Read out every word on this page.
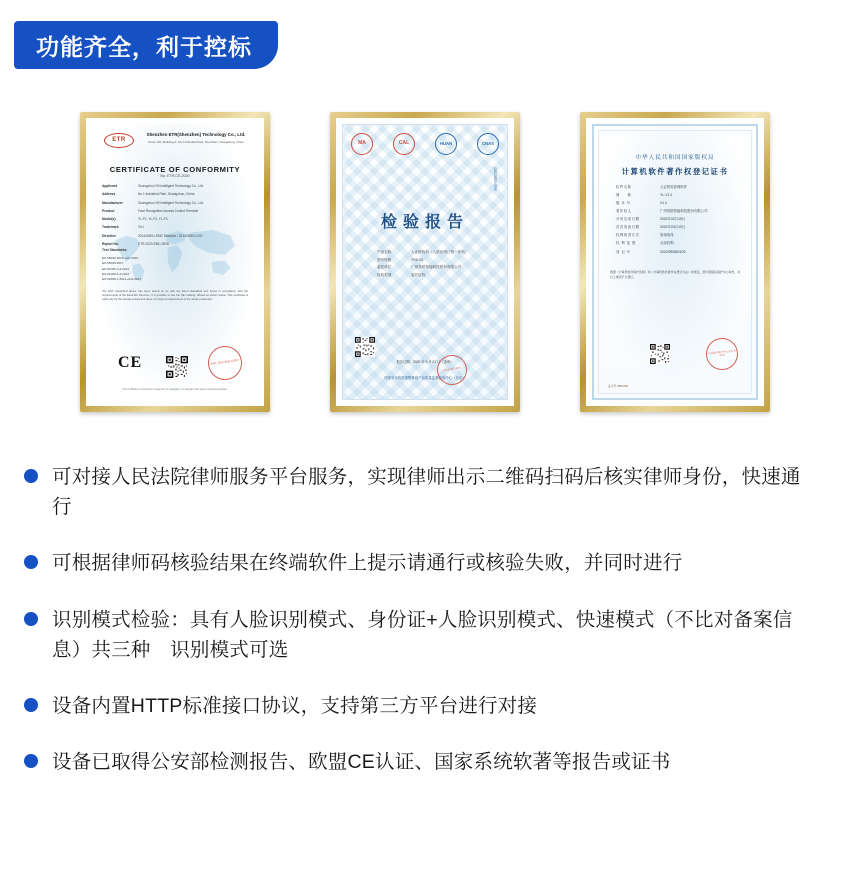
功能齐全，利于控标
ETR
Shenzhen ETR(Shenzhen) Technology Co., Ltd.
Room 101, Building A, No.1 Industrial Park, Shenzhen, Guangdong, China
CERTIFICATE OF CONFORMITY
No. ETR-CE-2020
Applicant	Guangzhou Yili Intelligent Technology Co., Ltd.
Address	No.1 Industrial Park, Guangzhou, China
Manufacturer	Guangzhou Yili Intelligent Technology Co., Ltd.
Product	Face Recognition Access Control Terminal
Model(s)	YL-F1, YL-F2, YL-F3
Trademark	YILI
Directive	2014/30/EU EMC Directive / 2014/35/EU LVD
Report No.	ETR-2020-EMC-0915
Test Standards:
EN 55032:2015 +AC:2016
EN 55035:2017
EN 61000-3-2:2014
EN 61000-3-3:2013
EN 62368-1:2014+A11:2017
The EUT described above has been tested by us with the listed standards and found in compliance with the requirements of the listed EC Directive. It is possible to use the CE marking, affixed as shown below. This certificate is valid only for the sample tested and does not imply an assessment of the whole production.
CE	ETR TESTING CERT
This certificate of conformity is based on an evaluation of a sample of the above mentioned product.
MA	CAL	HUAN	CNAS
检验检测专用章
检验报告
产品名称	人证核验机（人脸识别门禁一体机）
型号规格	YSK-02
委托单位	广州易联智能科技股份有限公司
检验类别	委托检验
报告日期：2020 年 9 月 21 日（盖章）
国家安全防范报警系统产品质量监督检验中心（北京）
检验检测专用章
中华人民共和国国家版权局
计算机软件著作权登记证书
软件名称	人证核验管理软件
简　　称	YL-V1.0
版 本 号	V1.0
著作权人	广州易联智能科技股份有限公司
开发完成日期	2020年02月15日
首次发表日期	2020年03月10日
权利取得方式	原始取得
权 利 范 围	全部权利
登 记 号	2020SR0852109
根据《计算机软件保护条例》和《计算机软件著作权登记办法》的规定，经中国版权保护中心审核，对以上事项予以登记。
中国版权保护中心登记专用章
证书号 0852109
可对接人民法院律师服务平台服务，实现律师出示二维码扫码后核实律师身份，快速通行
可根据律师码核验结果在终端软件上提示请通行或核验失败，并同时进行
识别模式检验：具有人脸识别模式、身份证+人脸识别模式、快速模式（不比对备案信息）共三种　识别模式可选
设备内置HTTP标准接口协议，支持第三方平台进行对接
设备已取得公安部检测报告、欧盟CE认证、国家系统软著等报告或证书
